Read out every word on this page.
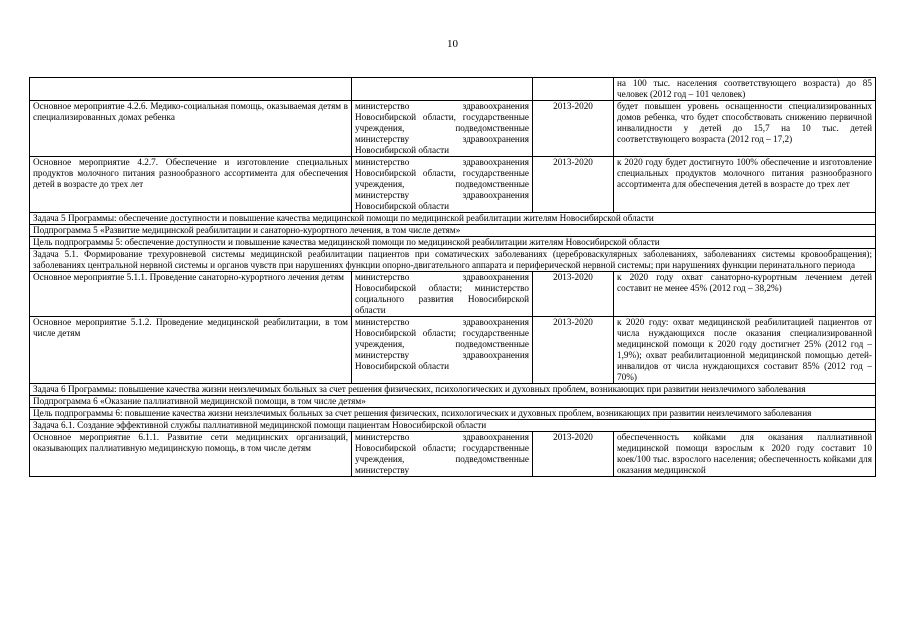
10
			на 100 тыс. населения соответствующего возраста) до 85 человек (2012 год – 101 человек)
Основное мероприятие 4.2.6. Медико-социальная помощь, оказываемая детям в специализированных домах ребенка	министерство здравоохранения Новосибирской области, государственные учреждения, подведомственные министерству здравоохранения Новосибирской области	2013-2020	будет повышен уровень оснащенности специализированных домов ребенка, что будет способствовать снижению первичной инвалидности у детей до 15,7 на 10 тыс. детей соответствующего возраста (2012 год – 17,2)
Основное мероприятие 4.2.7. Обеспечение и изготовление специальных продуктов молочного питания разнообразного ассортимента для обеспечения детей в возрасте до трех лет	министерство здравоохранения Новосибирской области, государственные учреждения, подведомственные министерству здравоохранения Новосибирской области	2013-2020	к 2020 году будет достигнуто 100% обеспечение и изготовление специальных продуктов молочного питания разнообразного ассортимента для обеспечения детей в возрасте до трех лет
Задача 5 Программы: обеспечение доступности и повышение качества медицинской помощи по медицинской реабилитации жителям Новосибирской области			
Подпрограмма 5 «Развитие медицинской реабилитации и санаторно-курортного лечения, в том числе детям»			
Цель подпрограммы 5: обеспечение доступности и повышение качества медицинской помощи по медицинской реабилитации жителям Новосибирской области			
Задача 5.1. Формирование трехуровневой системы медицинской реабилитации пациентов при соматических заболеваниях (цереброваскулярных заболеваниях, заболеваниях системы кровообращения); заболеваниях центральной нервной системы и органов чувств при нарушениях функции опорно-двигательного аппарата и периферической нервной системы; при нарушениях функции перинатального периода			
Основное мероприятие 5.1.1. Проведение санаторно-курортного лечения детям	министерство здравоохранения Новосибирской области; министерство социального развития Новосибирской области	2013-2020	к 2020 году охват санаторно-курортным лечением детей составит не менее 45% (2012 год – 38,2%)
Основное мероприятие 5.1.2. Проведение медицинской реабилитации, в том числе детям	министерство здравоохранения Новосибирской области; государственные учреждения, подведомственные министерству здравоохранения Новосибирской области	2013-2020	к 2020 году: охват медицинской реабилитацией пациентов от числа нуждающихся после оказания специализированной медицинской помощи к 2020 году достигнет 25% (2012 год – 1,9%); охват реабилитационной медицинской помощью детей-инвалидов от числа нуждающихся составит 85% (2012 год – 70%)
Задача 6 Программы: повышение качества жизни неизлечимых больных за счет решения физических, психологических и духовных проблем, возникающих при развитии неизлечимого заболевания			
Подпрограмма 6 «Оказание паллиативной медицинской помощи, в том числе детям»			
Цель подпрограммы 6: повышение качества жизни неизлечимых больных за счет решения физических, психологических и духовных проблем, возникающих при развитии неизлечимого заболевания			
Задача 6.1. Создание эффективной службы паллиативной медицинской помощи пациентам Новосибирской области			
Основное мероприятие 6.1.1. Развитие сети медицинских организаций, оказывающих паллиативную медицинскую помощь, в том числе детям	министерство здравоохранения Новосибирской области; государственные учреждения, подведомственные министерству	2013-2020	обеспеченность койками для оказания паллиативной медицинской помощи взрослым к 2020 году составит 10 коек/100 тыс. взрослого населения; обеспеченность койками для оказания медицинской
